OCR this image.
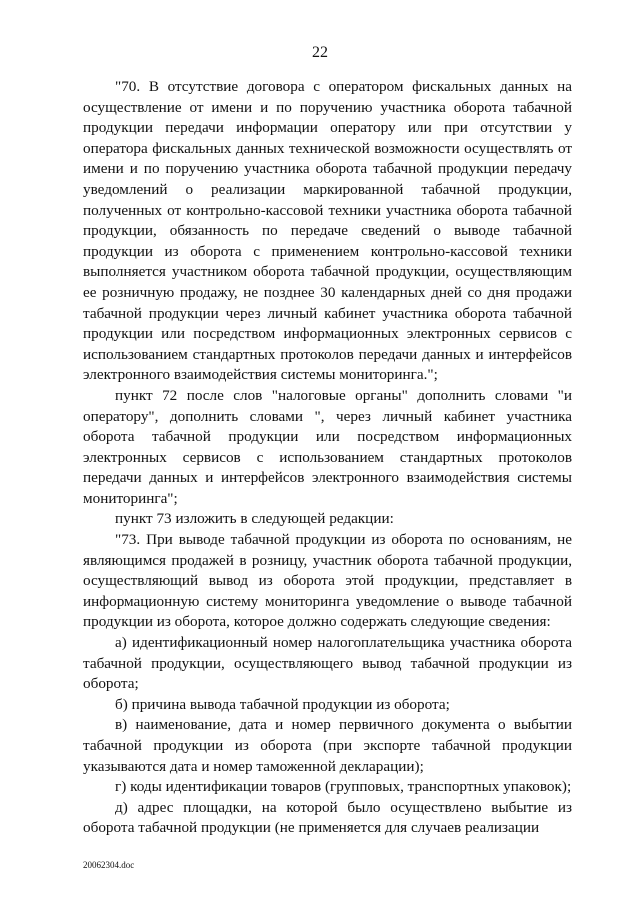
22

"70. В отсутствие договора с оператором фискальных данных на осуществление от имени и по поручению участника оборота табачной продукции передачи информации оператору или при отсутствии у оператора фискальных данных технической возможности осуществлять от имени и по поручению участника оборота табачной продукции передачу уведомлений о реализации маркированной табачной продукции, полученных от контрольно-кассовой техники участника оборота табачной продукции, обязанность по передаче сведений о выводе табачной продукции из оборота с применением контрольно-кассовой техники выполняется участником оборота табачной продукции, осуществляющим ее розничную продажу, не позднее 30 календарных дней со дня продажи табачной продукции через личный кабинет участника оборота табачной продукции или посредством информационных электронных сервисов с использованием стандартных протоколов передачи данных и интерфейсов электронного взаимодействия системы мониторинга.";

пункт 72 после слов "налоговые органы" дополнить словами "и оператору", дополнить словами ", через личный кабинет участника оборота табачной продукции или посредством информационных электронных сервисов с использованием стандартных протоколов передачи данных и интерфейсов электронного взаимодействия системы мониторинга";

пункт 73 изложить в следующей редакции:

"73. При выводе табачной продукции из оборота по основаниям, не являющимся продажей в розницу, участник оборота табачной продукции, осуществляющий вывод из оборота этой продукции, представляет в информационную систему мониторинга уведомление о выводе табачной продукции из оборота, которое должно содержать следующие сведения:

а) идентификационный номер налогоплательщика участника оборота табачной продукции, осуществляющего вывод табачной продукции из оборота;

б) причина вывода табачной продукции из оборота;

в) наименование, дата и номер первичного документа о выбытии табачной продукции из оборота (при экспорте табачной продукции указываются дата и номер таможенной декларации);

г) коды идентификации товаров (групповых, транспортных упаковок);

д) адрес площадки, на которой было осуществлено выбытие из оборота табачной продукции (не применяется для случаев реализации

20062304.doc
